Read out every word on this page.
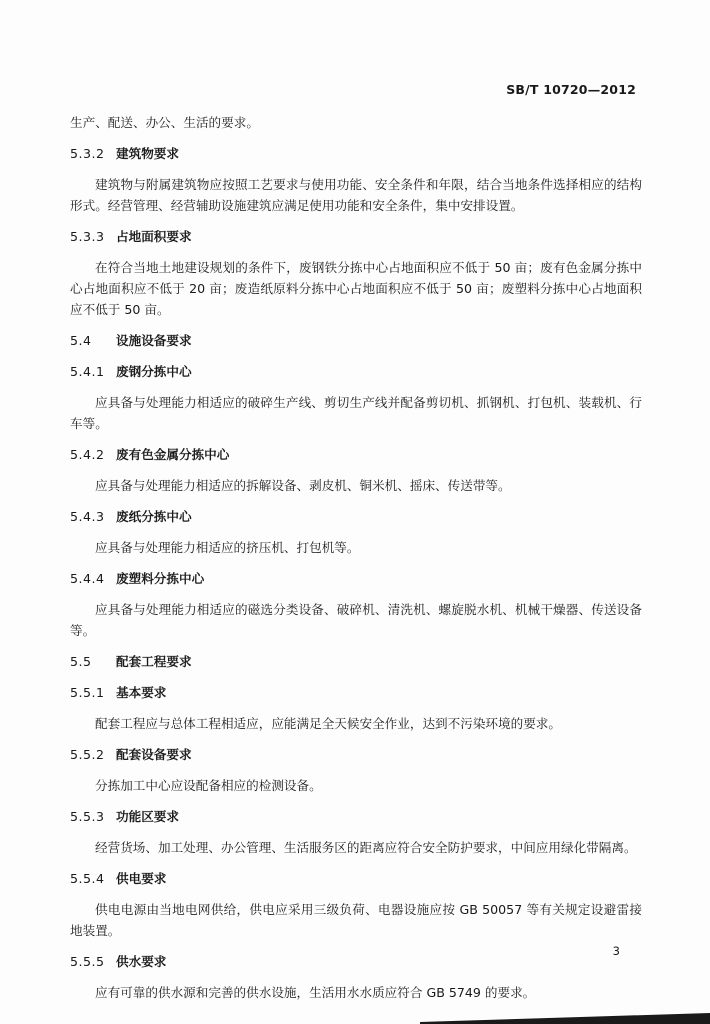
SB/T 10720—2012

生产、配送、办公、生活的要求。

5.3.2 建筑物要求

建筑物与附属建筑物应按照工艺要求与使用功能、安全条件和年限，结合当地条件选择相应的结构形式。经营管理、经营辅助设施建筑应满足使用功能和安全条件，集中安排设置。

5.3.3 占地面积要求

在符合当地土地建设规划的条件下，废钢铁分拣中心占地面积应不低于 50 亩；废有色金属分拣中心占地面积应不低于 20 亩；废造纸原料分拣中心占地面积应不低于 50 亩；废塑料分拣中心占地面积应不低于 50 亩。

5.4 设施设备要求

5.4.1 废钢分拣中心

应具备与处理能力相适应的破碎生产线、剪切生产线并配备剪切机、抓钢机、打包机、装载机、行车等。

5.4.2 废有色金属分拣中心

应具备与处理能力相适应的拆解设备、剥皮机、铜米机、摇床、传送带等。

5.4.3 废纸分拣中心

应具备与处理能力相适应的挤压机、打包机等。

5.4.4 废塑料分拣中心

应具备与处理能力相适应的磁选分类设备、破碎机、清洗机、螺旋脱水机、机械干燥器、传送设备等。

5.5 配套工程要求

5.5.1 基本要求

配套工程应与总体工程相适应，应能满足全天候安全作业，达到不污染环境的要求。

5.5.2 配套设备要求

分拣加工中心应设配备相应的检测设备。

5.5.3 功能区要求

经营货场、加工处理、办公管理、生活服务区的距离应符合安全防护要求，中间应用绿化带隔离。

5.5.4 供电要求

供电电源由当地电网供给，供电应采用三级负荷、电器设施应按 GB 50057 等有关规定设避雷接地装置。

5.5.5 供水要求

应有可靠的供水源和完善的供水设施，生活用水水质应符合 GB 5749 的要求。

3
